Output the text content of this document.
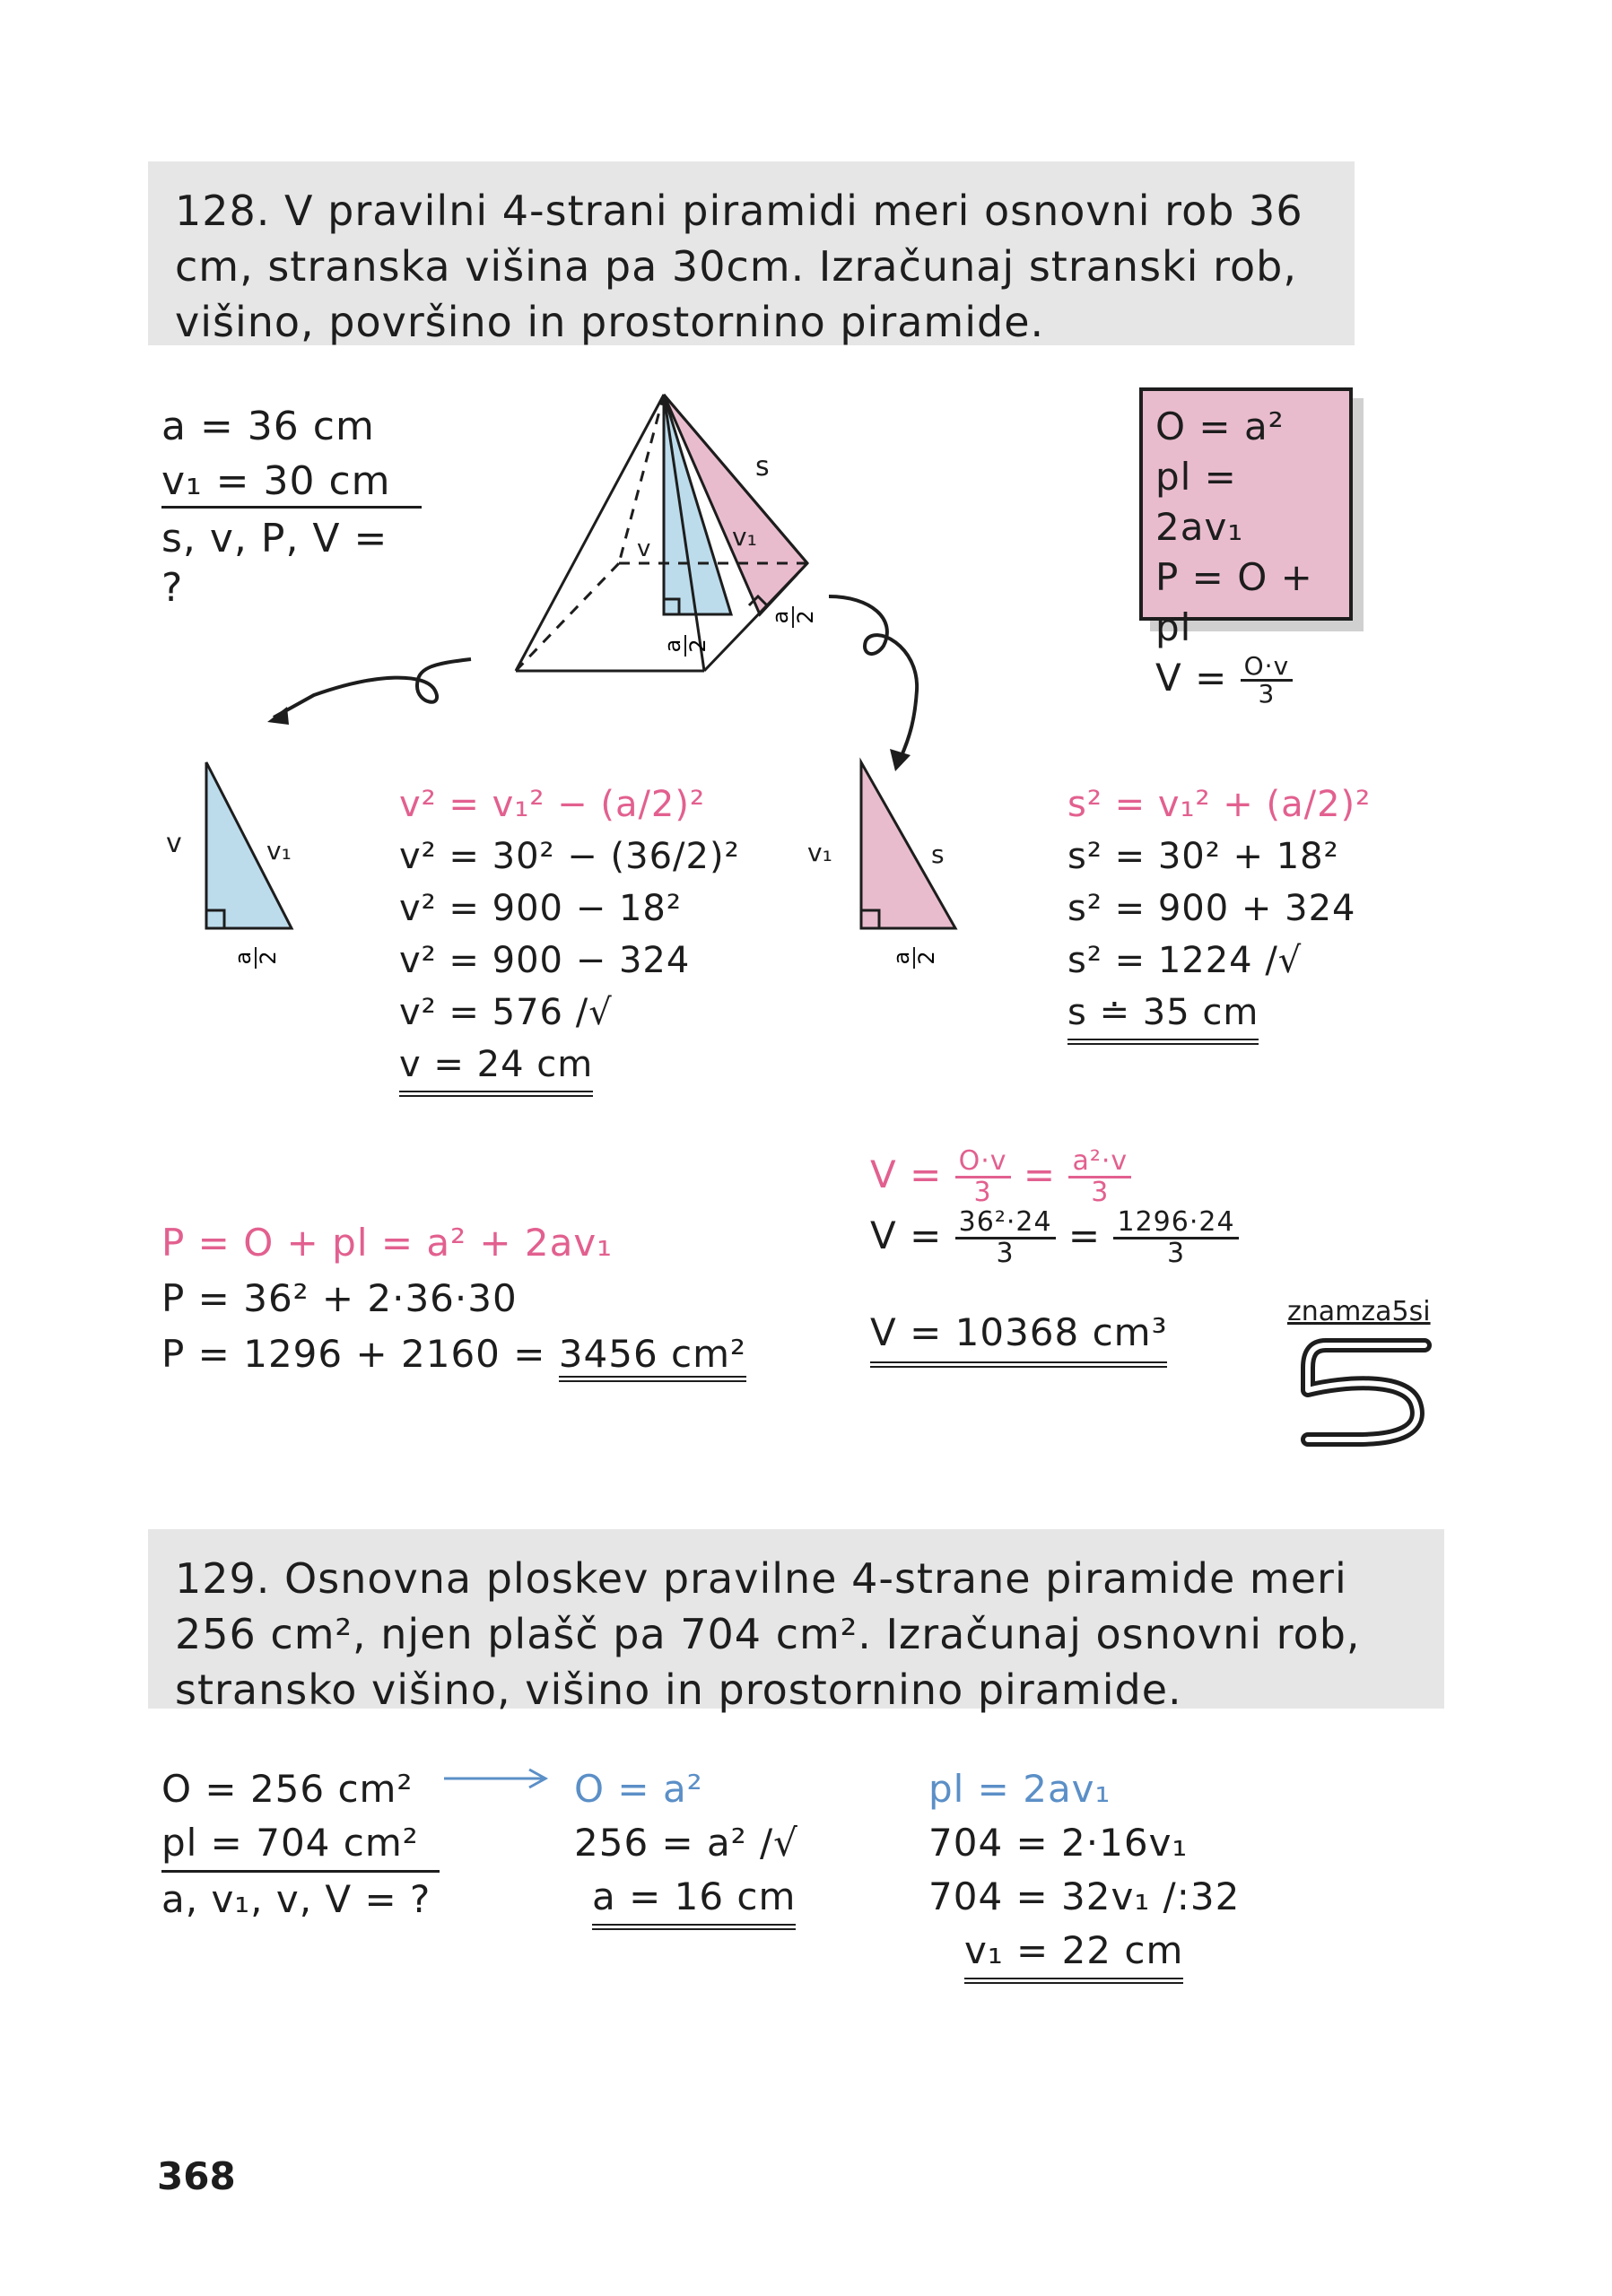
128. V pravilni 4-strani piramidi meri osnovni rob 36 cm, stranska višina pa 30cm. Izračunaj stranski rob, višino, površino in prostornino piramide.
a = 36 cm
v₁ = 30 cm
s, v, P, V = ?
s
v₁
v
a 2
a 2
O = a²
pl = 2av₁
P = O + pl
$V = \frac{O\cdot v}{3}$
v	v₁
a 2
v² = v₁² − (a/2)²
v² = 30² − (36/2)²
v² = 900 − 18²
v² = 900 − 324
v² = 576 /√
v = 24 cm
v₁	s
a 2
s² = v₁² + (a/2)²
s² = 30² + 18²
s² = 900 + 324
s² = 1224 /√
s ≐ 35 cm
P = O + pl = a² + 2av₁
P = 36² + 2·36·30
P = 1296 + 2160 = 3456 cm²
$V = \frac{O\cdot v}{3} = \frac{\text{a²·v}}{3}$
$V = \frac{\text{36²·24}}{3} = \frac{1296\cdot 24}{3}$
V = 10368 cm³	znamza5si
129. Osnovna ploskev pravilne 4-strane piramide meri 256 cm², njen plašč pa 704 cm². Izračunaj osnovni rob, stransko višino, višino in prostornino piramide.
O = 256 cm²
pl = 704 cm²
a, v₁, v, V = ?
O = a²
256 = a² /√
a = 16 cm
pl = 2av₁
704 = 2·16v₁
704 = 32v₁ /:32
v₁ = 22 cm
368
